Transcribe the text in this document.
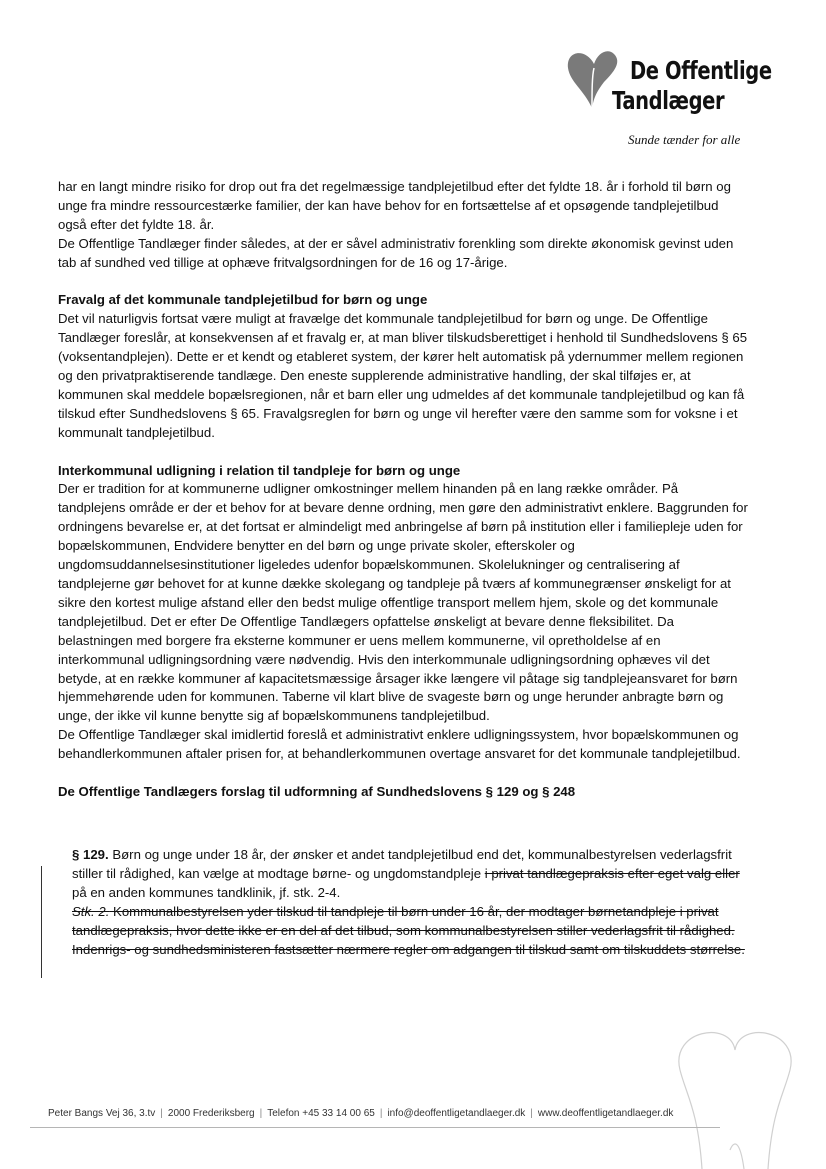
De Offentlige
Tandlæger
Sunde tænder for alle

har en langt mindre risiko for drop out fra det regelmæssige tandplejetilbud efter det fyldte 18. år i forhold til børn og unge fra mindre ressourcestærke familier, der kan have behov for en fortsættelse af et opsøgende tandplejetilbud også efter det fyldte 18. år.

De Offentlige Tandlæger finder således, at der er såvel administrativ forenkling som direkte økonomisk gevinst uden tab af sundhed ved tillige at ophæve fritvalgsordningen for de 16 og 17-årige.

Fravalg af det kommunale tandplejetilbud for børn og unge

Det vil naturligvis fortsat være muligt at fravælge det kommunale tandplejetilbud for børn og unge. De Offentlige Tandlæger foreslår, at konsekvensen af et fravalg er, at man bliver tilskudsberettiget i henhold til Sundhedslovens § 65 (voksentandplejen). Dette er et kendt og etableret system, der kører helt automatisk på ydernummer mellem regionen og den privatpraktiserende tandlæge. Den eneste supplerende administrative handling, der skal tilføjes er, at kommunen skal meddele bopælsregionen, når et barn eller ung udmeldes af det kommunale tandplejetilbud og kan få tilskud efter Sundhedslovens § 65. Fravalgsreglen for børn og unge vil herefter være den samme som for voksne i et kommunalt tandplejetilbud.

Interkommunal udligning i relation til tandpleje for børn og unge

Der er tradition for at kommunerne udligner omkostninger mellem hinanden på en lang række områder. På tandplejens område er der et behov for at bevare denne ordning, men gøre den administrativt enklere. Baggrunden for ordningens bevarelse er, at det fortsat er almindeligt med anbringelse af børn på institution eller i familiepleje uden for bopælskommunen, Endvidere benytter en del børn og unge private skoler, efterskoler og ungdomsuddannelsesinstitutioner ligeledes udenfor bopælskommunen. Skolelukninger og centralisering af tandplejerne gør behovet for at kunne dække skolegang og tandpleje på tværs af kommunegrænser ønskeligt for at sikre den kortest mulige afstand eller den bedst mulige offentlige transport mellem hjem, skole og det kommunale tandplejetilbud. Det er efter De Offentlige Tandlægers opfattelse ønskeligt at bevare denne fleksibilitet. Da belastningen med borgere fra eksterne kommuner er uens mellem kommunerne, vil opretholdelse af en interkommunal udligningsordning være nødvendig. Hvis den interkommunale udligningsordning ophæves vil det betyde, at en række kommuner af kapacitetsmæssige årsager ikke længere vil påtage sig tandplejeansvaret for børn hjemmehørende uden for kommunen. Taberne vil klart blive de svageste børn og unge herunder anbragte børn og unge, der ikke vil kunne benytte sig af bopælskommunens tandplejetilbud.

De Offentlige Tandlæger skal imidlertid foreslå et administrativt enklere udligningssystem, hvor bopælskommunen og behandlerkommunen aftaler prisen for, at behandlerkommunen overtage ansvaret for det kommunale tandplejetilbud.

De Offentlige Tandlægers forslag til udformning af Sundhedslovens § 129 og § 248

§ 129. Børn og unge under 18 år, der ønsker et andet tandplejetilbud end det, kommunalbestyrelsen vederlagsfrit stiller til rådighed, kan vælge at modtage børne- og ungdomstandpleje i privat tandlægepraksis efter eget valg eller på en anden kommunes tandklinik, jf. stk. 2-4.

Stk. 2. Kommunalbestyrelsen yder tilskud til tandpleje til børn under 16 år, der modtager børnetandpleje i privat tandlægepraksis, hvor dette ikke er en del af det tilbud, som kommunalbestyrelsen stiller vederlagsfrit til rådighed. Indenrigs- og sundhedsministeren fastsætter nærmere regler om adgangen til tilskud samt om tilskuddets størrelse.

Peter Bangs Vej 36, 3.tv | 2000 Frederiksberg | Telefon +45 33 14 00 65 | info@deoffentligetandlaeger.dk | www.deoffentligetandlaeger.dk
